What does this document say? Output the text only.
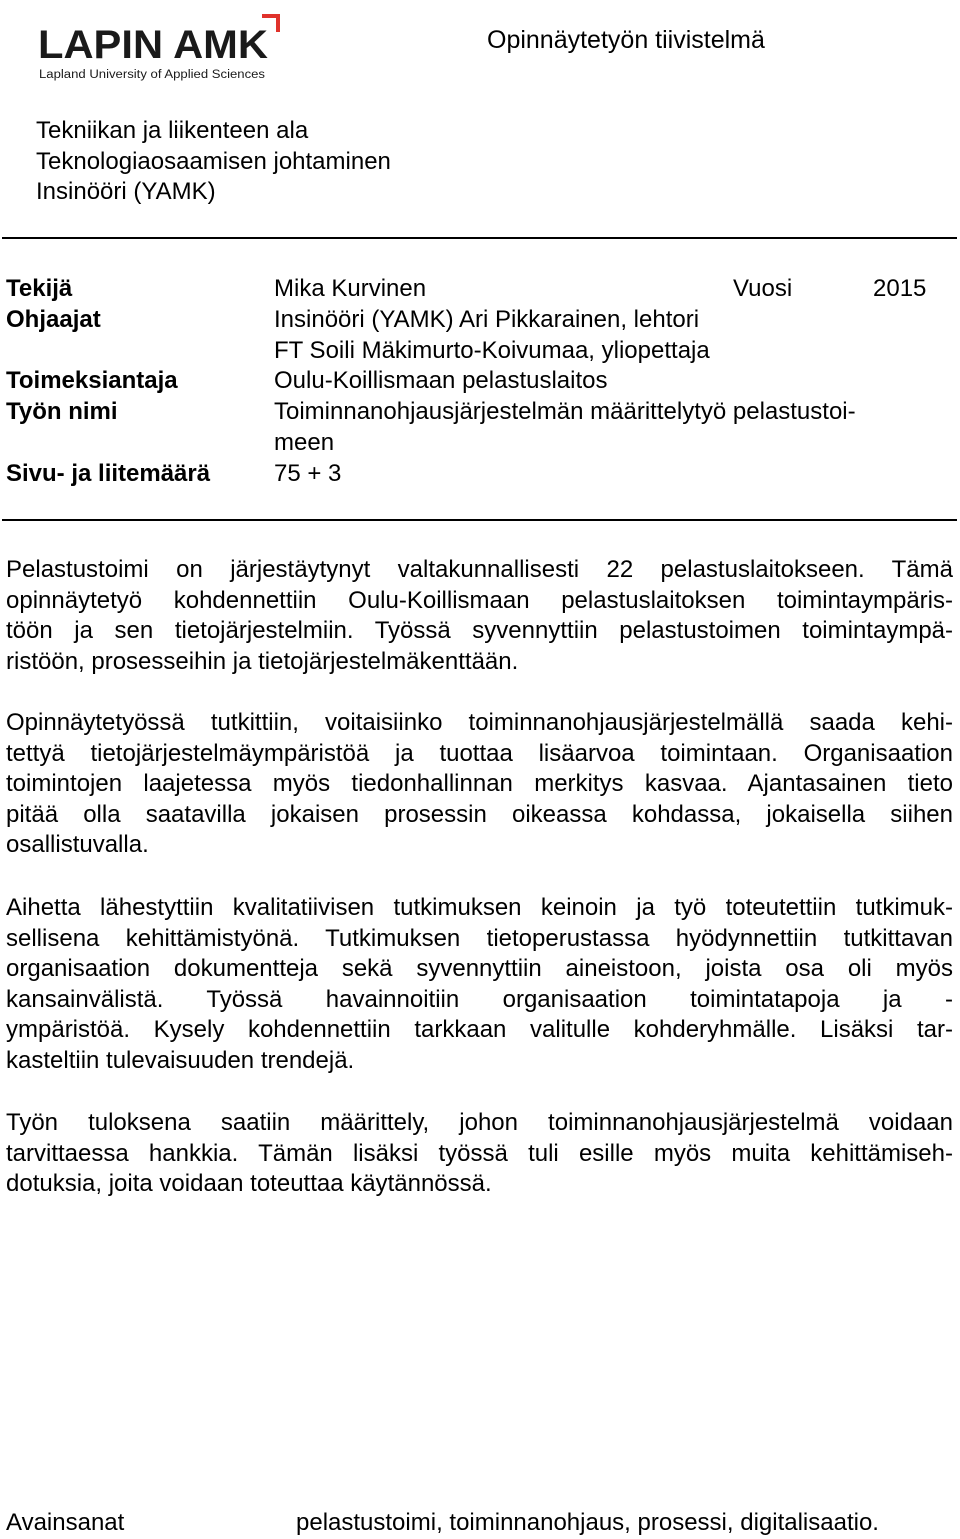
LAPIN AMK
Lapland University of Applied Sciences
Opinnäytetyön tiivistelmä
Tekniikan ja liikenteen ala
Teknologiaosaamisen johtaminen
Insinööri (YAMK)
Tekijä	Mika Kurvinen	Vuosi	2015
Ohjaajat	Insinööri (YAMK) Ari Pikkarainen, lehtori
FT Soili Mäkimurto-Koivumaa, yliopettaja
Toimeksiantaja	Oulu-Koillismaan pelastuslaitos
Työn nimi	Toiminnanohjausjärjestelmän määrittelytyö pelastustoi-
meen
Sivu- ja liitemäärä	75 + 3
Pelastustoimi on järjestäytynyt valtakunnallisesti 22 pelastuslaitokseen. Tämä
opinnäytetyö kohdennettiin Oulu-Koillismaan pelastuslaitoksen toimintaympäris-
töön ja sen tietojärjestelmiin. Työssä syvennyttiin pelastustoimen toimintaympä-
ristöön, prosesseihin ja tietojärjestelmäkenttään.
Opinnäytetyössä tutkittiin, voitaisiinko toiminnanohjausjärjestelmällä saada kehi-
tettyä tietojärjestelmäympäristöä ja tuottaa lisäarvoa toimintaan. Organisaation
toimintojen laajetessa myös tiedonhallinnan merkitys kasvaa. Ajantasainen tieto
pitää olla saatavilla jokaisen prosessin oikeassa kohdassa, jokaisella siihen
osallistuvalla.
Aihetta lähestyttiin kvalitatiivisen tutkimuksen keinoin ja työ toteutettiin tutkimuk-
sellisena kehittämistyönä. Tutkimuksen tietoperustassa hyödynnettiin tutkittavan
organisaation dokumentteja sekä syvennyttiin aineistoon, joista osa oli myös
kansainvälistä. Työssä havainnoitiin organisaation toimintatapoja ja -
ympäristöä. Kysely kohdennettiin tarkkaan valitulle kohderyhmälle. Lisäksi tar-
kasteltiin tulevaisuuden trendejä.
Työn tuloksena saatiin määrittely, johon toiminnanohjausjärjestelmä voidaan
tarvittaessa hankkia. Tämän lisäksi työssä tuli esille myös muita kehittämiseh-
dotuksia, joita voidaan toteuttaa käytännössä.
Avainsanat	pelastustoimi, toiminnanohjaus, prosessi, digitalisaatio.
